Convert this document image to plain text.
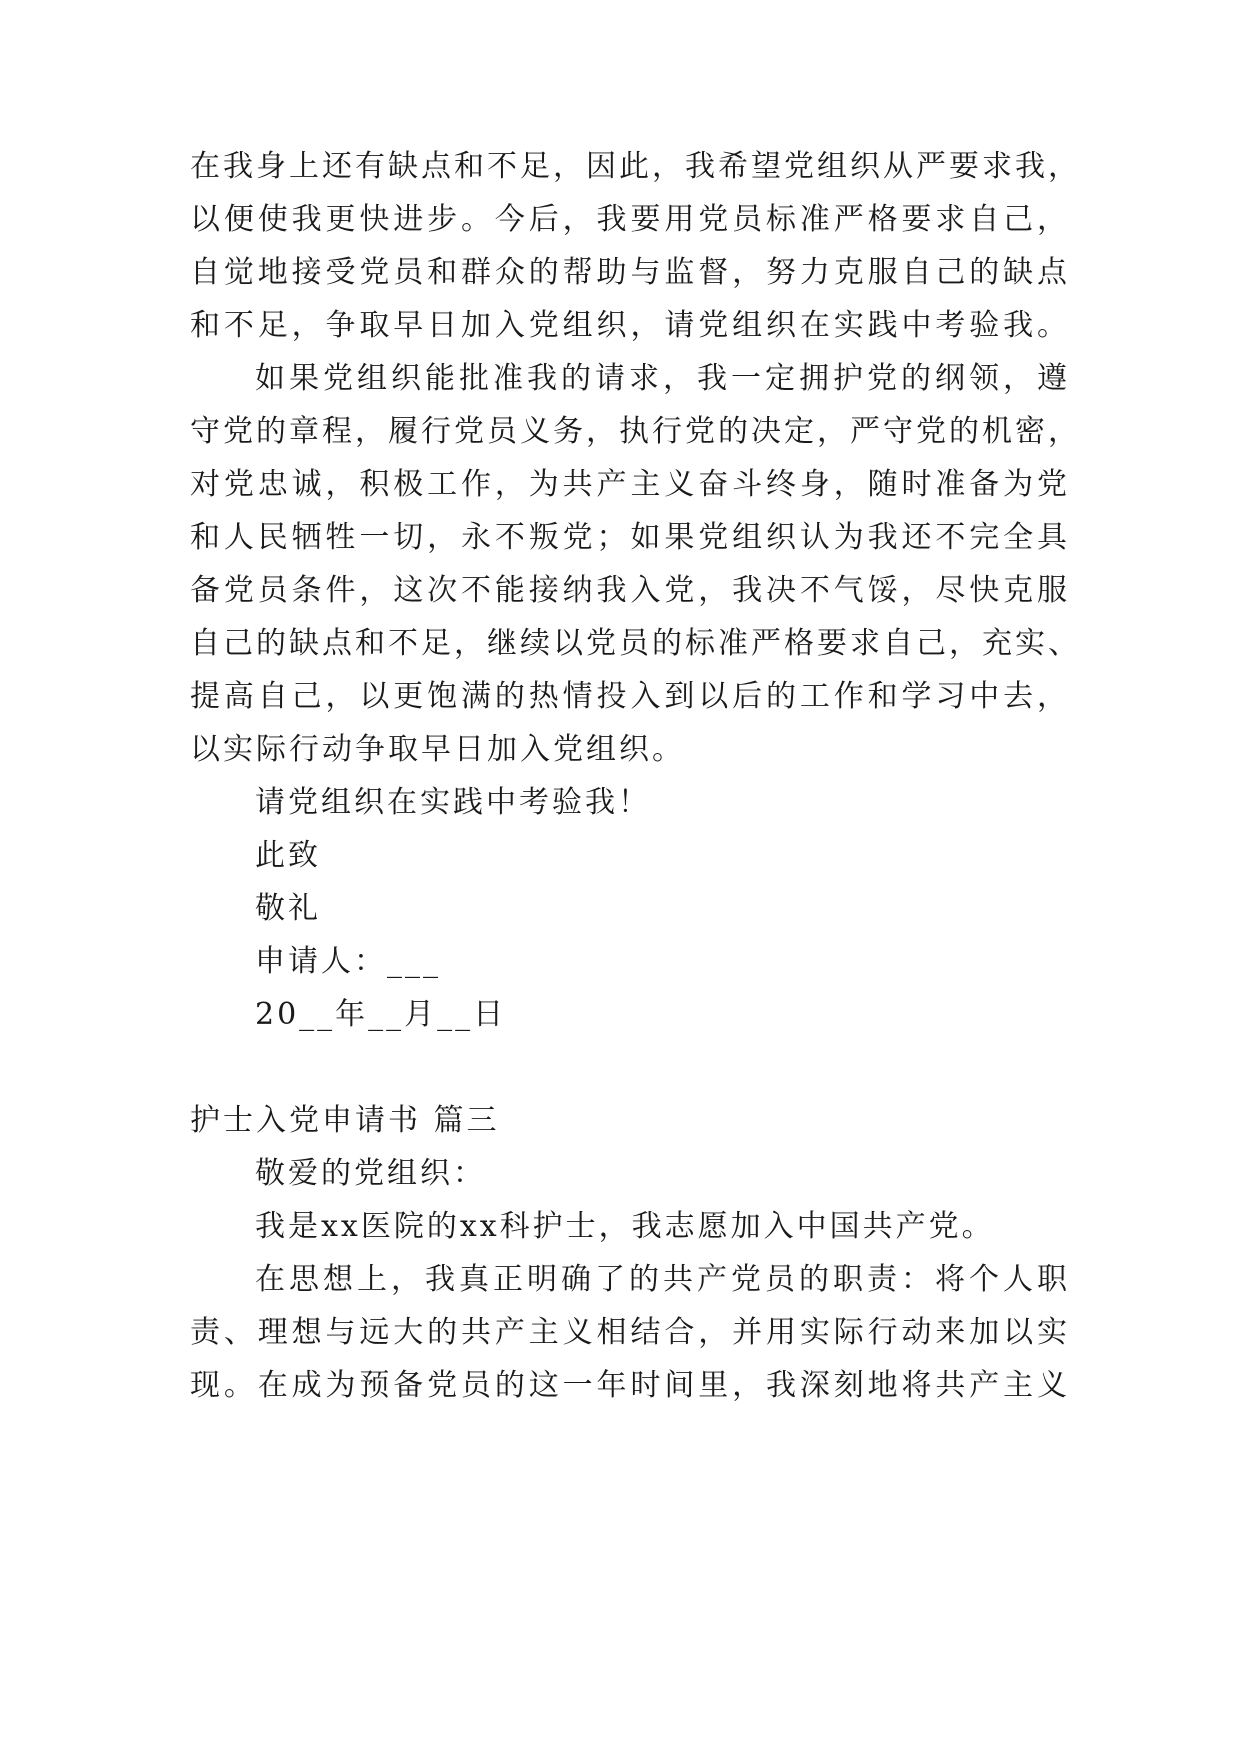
在我身上还有缺点和不足，因此，我希望党组织从严要求我，
以便使我更快进步。今后，我要用党员标准严格要求自己，
自觉地接受党员和群众的帮助与监督，努力克服自己的缺点
和不足，争取早日加入党组织，请党组织在实践中考验我。
如果党组织能批准我的请求，我一定拥护党的纲领，遵
守党的章程，履行党员义务，执行党的决定，严守党的机密，
对党忠诚，积极工作，为共产主义奋斗终身，随时准备为党
和人民牺牲一切，永不叛党；如果党组织认为我还不完全具
备党员条件，这次不能接纳我入党，我决不气馁，尽快克服
自己的缺点和不足，继续以党员的标准严格要求自己，充实、
提高自己，以更饱满的热情投入到以后的工作和学习中去，
以实际行动争取早日加入党组织。
请党组织在实践中考验我！
此致
敬礼
申请人：___
20__年__月__日
护士入党申请书 篇三
敬爱的党组织：
我是xx医院的xx科护士，我志愿加入中国共产党。
在思想上，我真正明确了的共产党员的职责：将个人职
责、理想与远大的共产主义相结合，并用实际行动来加以实
现。在成为预备党员的这一年时间里，我深刻地将共产主义
